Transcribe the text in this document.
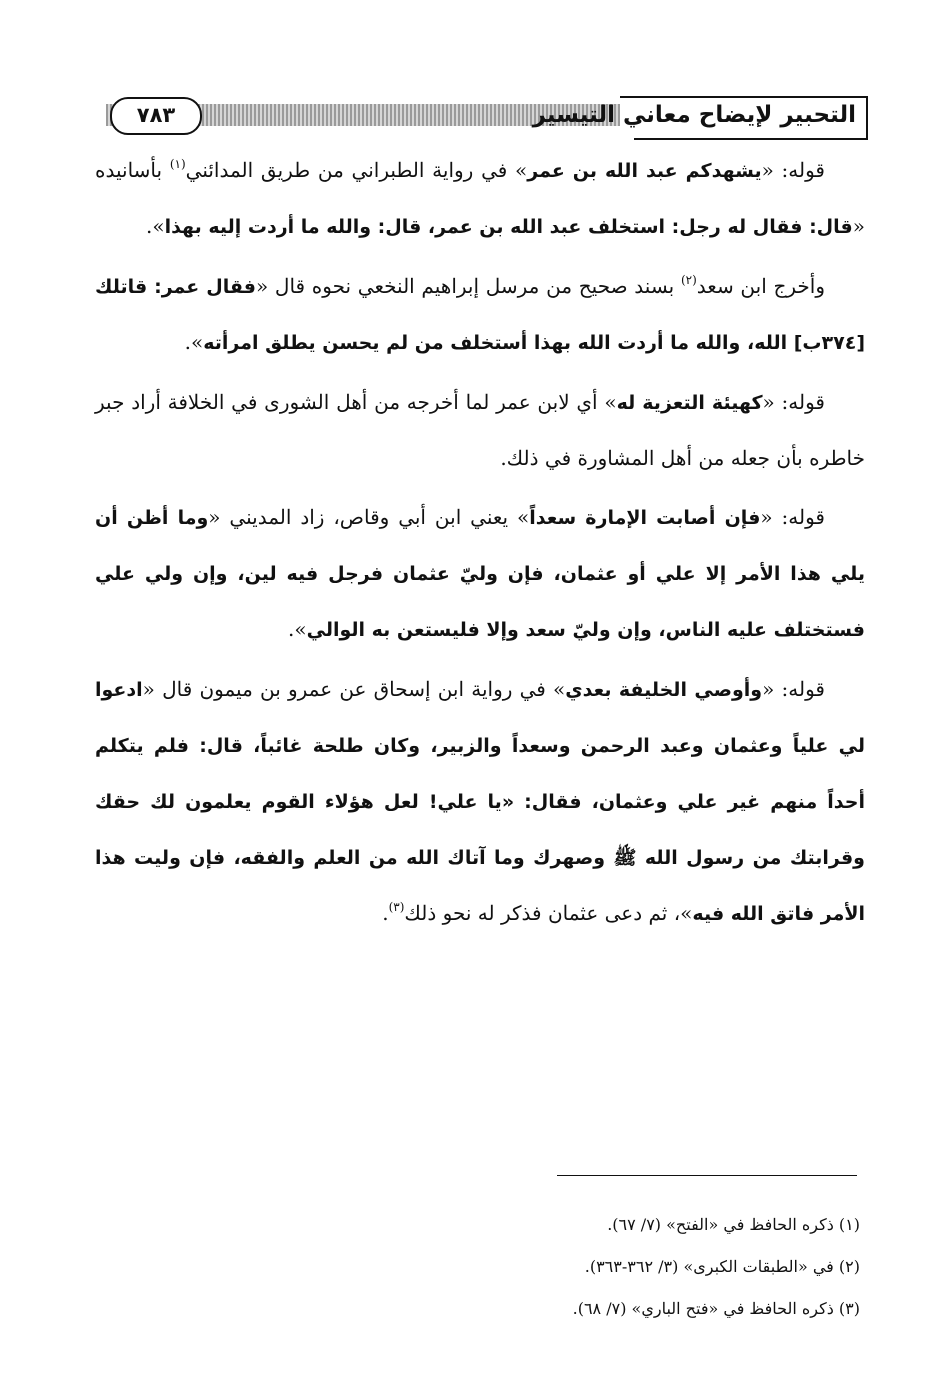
٧٨٣	التحبير لإيضاح معاني التيسير

قوله: «يشهدكم عبد الله بن عمر» في رواية الطبراني من طريق المدائني$^{(١)}$ بأسانيده «قال: فقال له رجل: استخلف عبد الله بن عمر، قال: والله ما أردت إليه بهذا».

وأخرج ابن سعد$^{(٢)}$ بسند صحيح من مرسل إبراهيم النخعي نحوه قال «فقال عمر: قاتلك [٣٧٤ب] الله، والله ما أردت الله بهذا أستخلف من لم يحسن يطلق امرأته».

قوله: «كهيئة التعزية له» أي لابن عمر لما أخرجه من أهل الشورى في الخلافة أراد جبر خاطره بأن جعله من أهل المشاورة في ذلك.

قوله: «فإن أصابت الإمارة سعداً» يعني ابن أبي وقاص، زاد المديني «وما أظن أن يلي هذا الأمر إلا علي أو عثمان، فإن وليّ عثمان فرجل فيه لين، وإن ولي علي فستختلف عليه الناس، وإن وليّ سعد وإلا فليستعن به الوالي».

قوله: «وأوصي الخليفة بعدي» في رواية ابن إسحاق عن عمرو بن ميمون قال «ادعوا لي علياً وعثمان وعبد الرحمن وسعداً والزبير، وكان طلحة غائباً، قال: فلم يتكلم أحداً منهم غير علي وعثمان، فقال: «يا علي! لعل هؤلاء القوم يعلمون لك حقك وقرابتك من رسول الله ﷺ وصهرك وما آتاك الله من العلم والفقه، فإن وليت هذا الأمر فاتق الله فيه»، ثم دعى عثمان فذكر له نحو ذلك$^{(٣)}$.

(١) ذكره الحافظ في «الفتح» (٧/ ٦٧).

(٢) في «الطبقات الكبرى» (٣/ ٣٦٢-٣٦٣).

(٣) ذكره الحافظ في «فتح الباري» (٧/ ٦٨).
